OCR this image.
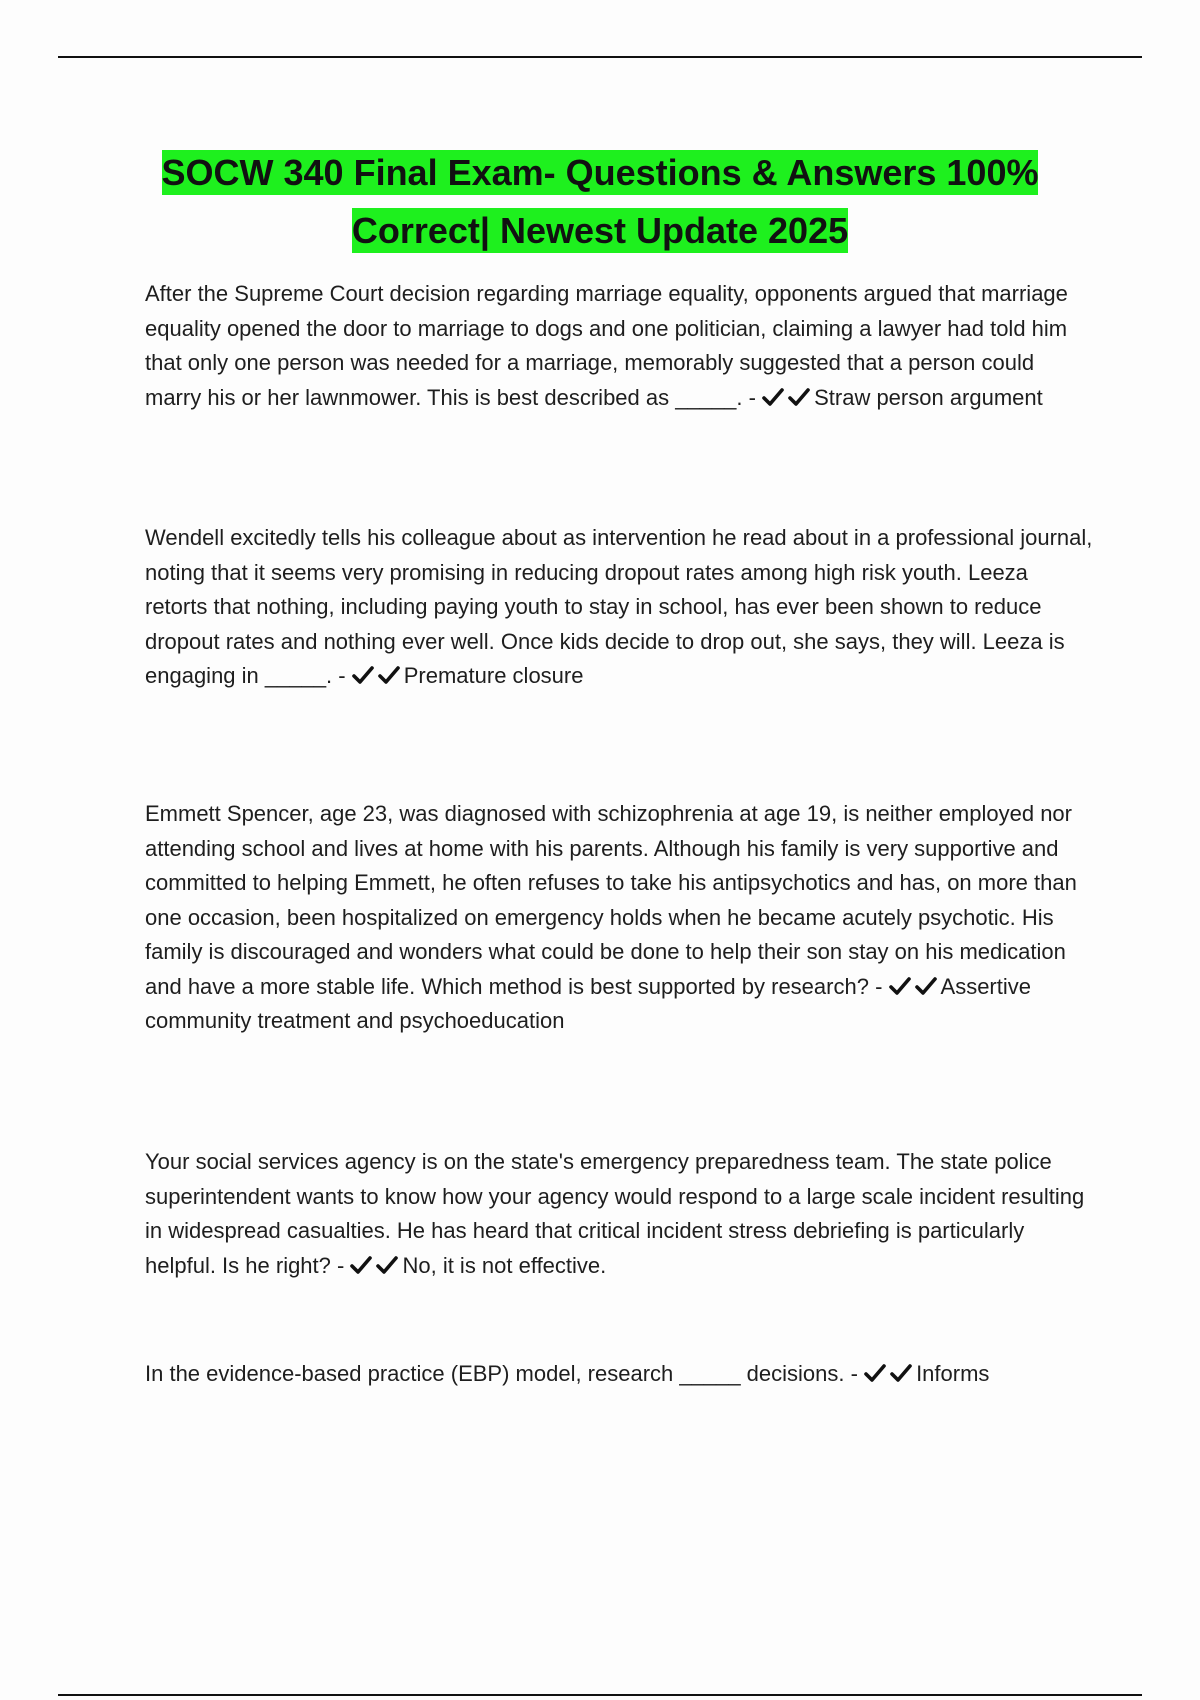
SOCW 340 Final Exam- Questions & Answers 100%
Correct| Newest Update 2025
After the Supreme Court decision regarding marriage equality, opponents argued that marriage equality opened the door to marriage to dogs and one politician, claiming a lawyer had told him that only one person was needed for a marriage, memorably suggested that a person could marry his or her lawnmower. This is best described as _____. -
Straw person argument
Wendell excitedly tells his colleague about as intervention he read about in a professional journal, noting that it seems very promising in reducing dropout rates among high risk youth. Leeza retorts that nothing, including paying youth to stay in school, has ever been shown to reduce dropout rates and nothing ever well. Once kids decide to drop out, she says, they will. Leeza is engaging in _____. -
Premature closure
Emmett Spencer, age 23, was diagnosed with schizophrenia at age 19, is neither employed nor attending school and lives at home with his parents. Although his family is very supportive and committed to helping Emmett, he often refuses to take his antipsychotics and has, on more than one occasion, been hospitalized on emergency holds when he became acutely psychotic. His family is discouraged and wonders what could be done to help their son stay on his medication and have a more stable life. Which method is best supported by research? -
Assertive community treatment and psychoeducation
Your social services agency is on the state's emergency preparedness team. The state police superintendent wants to know how your agency would respond to a large scale incident resulting in widespread casualties. He has heard that critical incident stress debriefing is particularly helpful. Is he right? -
No, it is not effective.
In the evidence-based practice (EBP) model, research _____ decisions. -
Informs
